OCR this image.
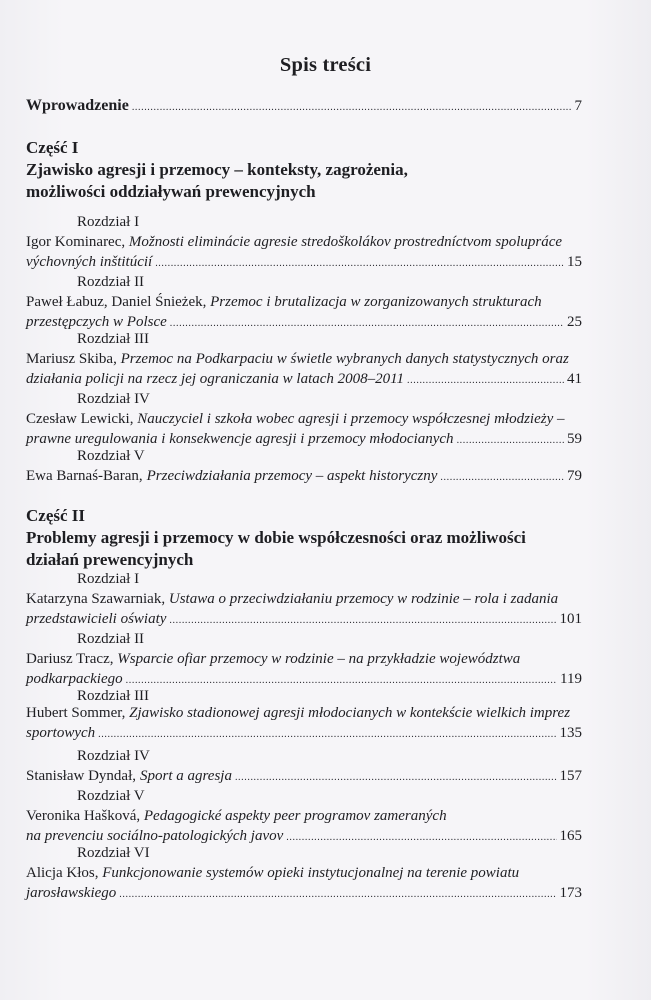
Spis treści
Wprowadzenie .....	7
Część I
Zjawisko agresji i przemocy – konteksty, zagrożenia,
możliwości oddziaływań prewencyjnych
Rozdział I
Igor Kominarec, Možnosti eliminácie agresie stredoškolákov prostredníctvom spolupráce
výchovných inštitúcií .....	15
Rozdział II
Paweł Łabuz, Daniel Śnieżek, Przemoc i brutalizacja w zorganizowanych strukturach
przestępczych w Polsce .....	25
Rozdział III
Mariusz Skiba, Przemoc na Podkarpaciu w świetle wybranych danych statystycznych oraz
działania policji na rzecz jej ograniczania w latach 2008–2011 .....	41
Rozdział IV
Czesław Lewicki, Nauczyciel i szkoła wobec agresji i przemocy współczesnej młodzieży –
prawne uregulowania i konsekwencje agresji i przemocy młodocianych .....	59
Rozdział V
Ewa Barnaś-Baran, Przeciwdziałania przemocy – aspekt historyczny .....	79
Część II
Problemy agresji i przemocy w dobie współczesności oraz możliwości
działań prewencyjnych
Rozdział I
Katarzyna Szawarniak, Ustawa o przeciwdziałaniu przemocy w rodzinie – rola i zadania
przedstawicieli oświaty .....	101
Rozdział II
Dariusz Tracz, Wsparcie ofiar przemocy w rodzinie – na przykładzie województwa
podkarpackiego .....	119
Rozdział III
Hubert Sommer, Zjawisko stadionowej agresji młodocianych w kontekście wielkich imprez
sportowych .....	135
Rozdział IV
Stanisław Dyndał, Sport a agresja .....	157
Rozdział V
Veronika Hašková, Pedagogické aspekty peer programov zameraných
na prevenciu sociálno-patologických javov .....	165
Rozdział VI
Alicja Kłos, Funkcjonowanie systemów opieki instytucjonalnej na terenie powiatu
jarosławskiego .....	173
